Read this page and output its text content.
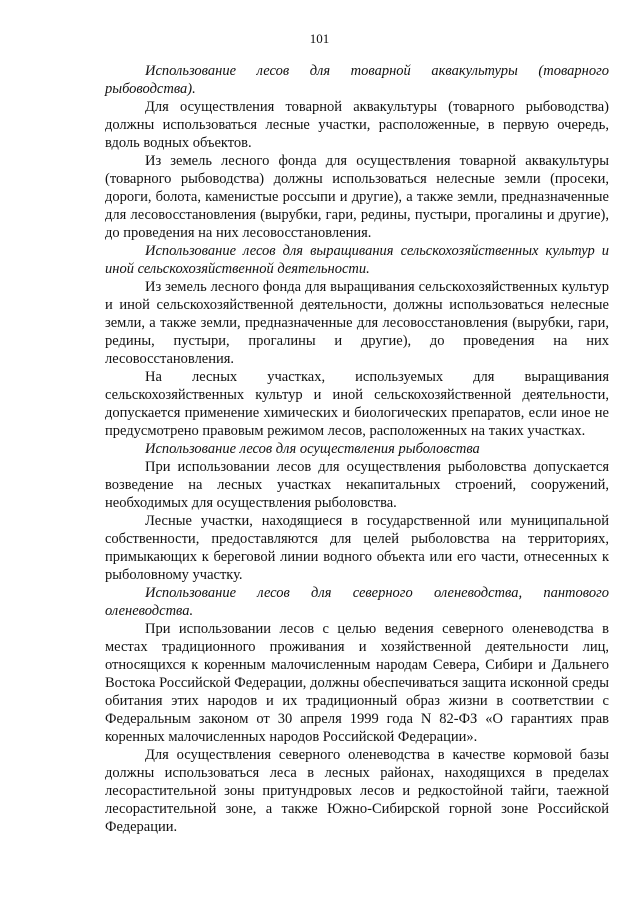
101

Использование лесов для товарной аквакультуры (товарного рыбоводства).

Для осуществления товарной аквакультуры (товарного рыбоводства) должны использоваться лесные участки, расположенные, в первую очередь, вдоль водных объектов.

Из земель лесного фонда для осуществления товарной аквакультуры (товарного рыбоводства) должны использоваться нелесные земли (просеки, дороги, болота, каменистые россыпи и другие), а также земли, предназначенные для лесовосстановления (вырубки, гари, редины, пустыри, прогалины и другие), до проведения на них лесовосстановления.

Использование лесов для выращивания сельскохозяйственных культур и иной сельскохозяйственной деятельности.

Из земель лесного фонда для выращивания сельскохозяйственных культур и иной сельскохозяйственной деятельности, должны использоваться нелесные земли, а также земли, предназначенные для лесовосстановления (вырубки, гари, редины, пустыри, прогалины и другие), до проведения на них лесовосстановления.

На лесных участках, используемых для выращивания сельскохозяйственных культур и иной сельскохозяйственной деятельности, допускается применение химических и биологических препаратов, если иное не предусмотрено правовым режимом лесов, расположенных на таких участках.

Использование лесов для осуществления рыболовства

При использовании лесов для осуществления рыболовства допускается возведение на лесных участках некапитальных строений, сооружений, необходимых для осуществления рыболовства.

Лесные участки, находящиеся в государственной или муниципальной собственности, предоставляются для целей рыболовства на территориях, примыкающих к береговой линии водного объекта или его части, отнесенных к рыболовному участку.

Использование лесов для северного оленеводства, пантового оленеводства.

При использовании лесов с целью ведения северного оленеводства в местах традиционного проживания и хозяйственной деятельности лиц, относящихся к коренным малочисленным народам Севера, Сибири и Дальнего Востока Российской Федерации, должны обеспечиваться защита исконной среды обитания этих народов и их традиционный образ жизни в соответствии с Федеральным законом от 30 апреля 1999 года N 82-ФЗ «О гарантиях прав коренных малочисленных народов Российской Федерации».

Для осуществления северного оленеводства в качестве кормовой базы должны использоваться леса в лесных районах, находящихся в пределах лесорастительной зоны притундровых лесов и редкостойной тайги, таежной лесорастительной зоне, а также Южно-Сибирской горной зоне Российской Федерации.
